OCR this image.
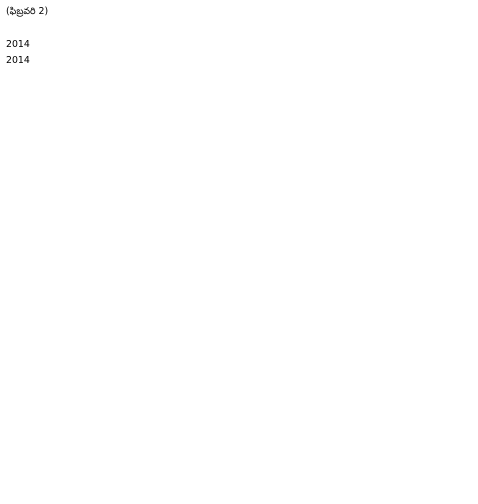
(ఫిబ్రవరి 2)
2014
2014
